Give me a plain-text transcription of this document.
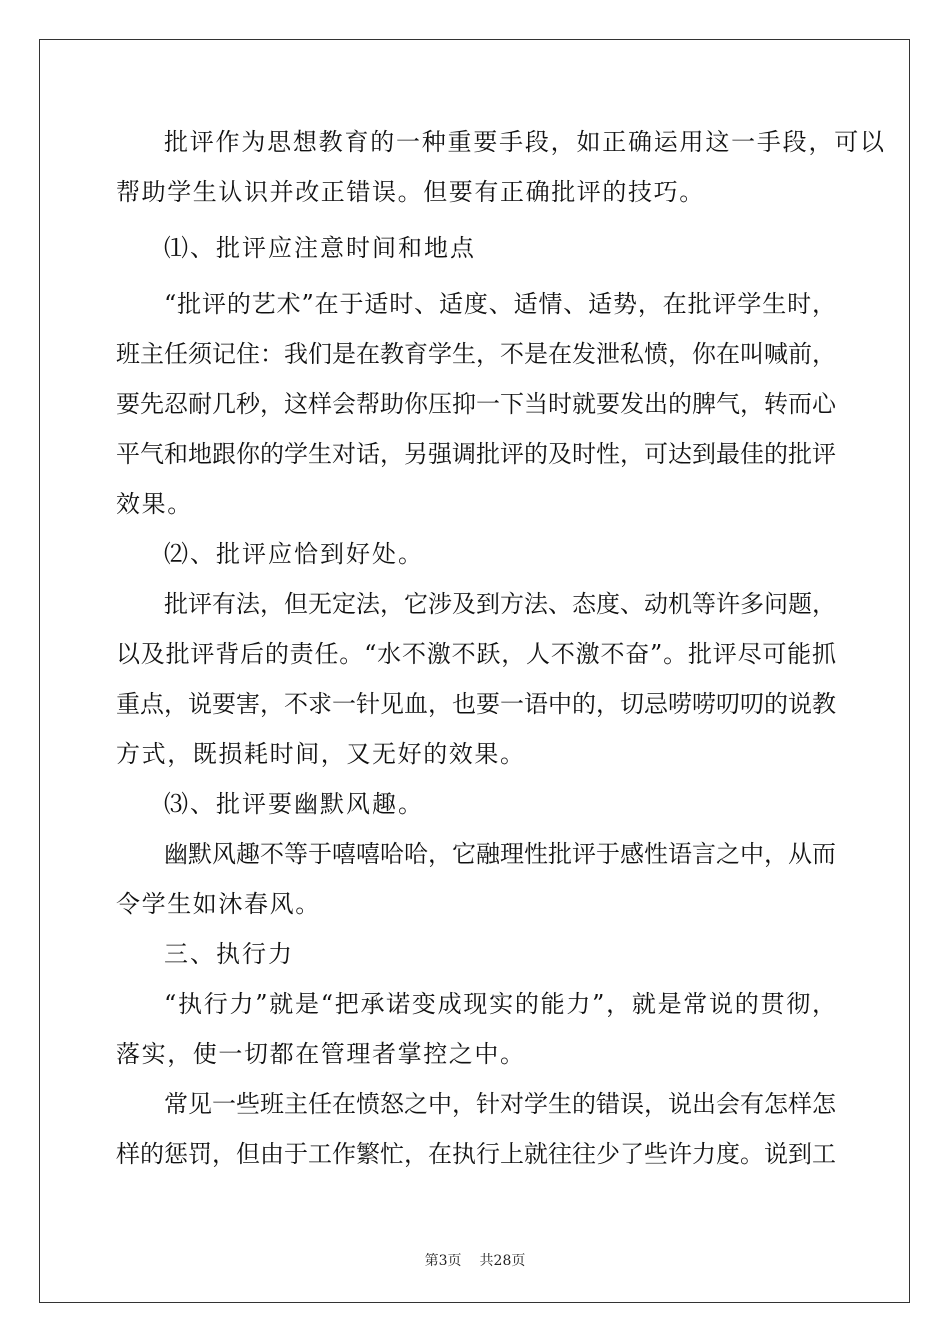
批评作为思想教育的一种重要手段，如正确运用这一手段，可以
帮助学生认识并改正错误。但要有正确批评的技巧。
⑴、批评应注意时间和地点
“批评的艺术”在于适时、适度、适情、适势，在批评学生时，
班主任须记住：我们是在教育学生，不是在发泄私愤，你在叫喊前，
要先忍耐几秒，这样会帮助你压抑一下当时就要发出的脾气，转而心
平气和地跟你的学生对话，另强调批评的及时性，可达到最佳的批评
效果。
⑵、批评应恰到好处。
批评有法，但无定法，它涉及到方法、态度、动机等许多问题，
以及批评背后的责任。“水不激不跃，人不激不奋”。批评尽可能抓
重点，说要害，不求一针见血，也要一语中的，切忌唠唠叨叨的说教
方式，既损耗时间，又无好的效果。
⑶、批评要幽默风趣。
幽默风趣不等于嘻嘻哈哈，它融理性批评于感性语言之中，从而
令学生如沐春风。
三、执行力
“执行力”就是“把承诺变成现实的能力”，就是常说的贯彻，
落实，使一切都在管理者掌控之中。
常见一些班主任在愤怒之中，针对学生的错误，说出会有怎样怎
样的惩罚，但由于工作繁忙，在执行上就往往少了些许力度。说到工
第3页 共28页
